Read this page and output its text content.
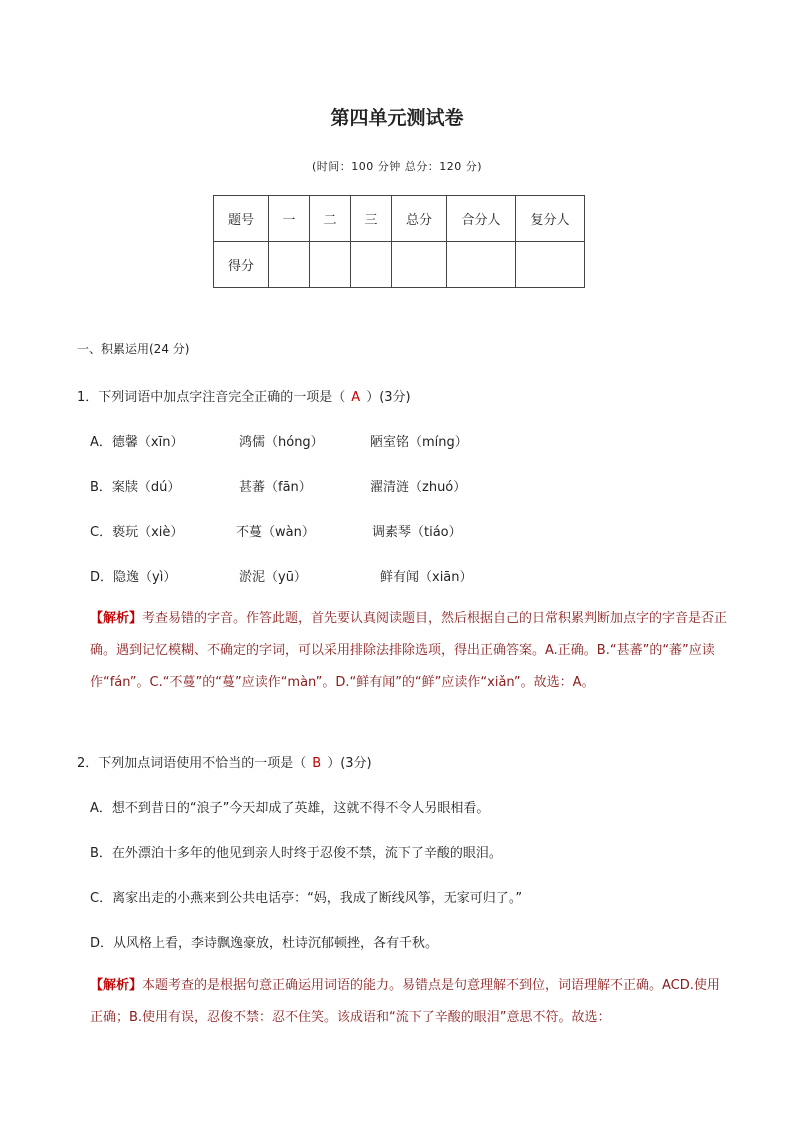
第四单元测试卷
(时间：100 分钟 总分：120 分)
题号	一	二	三	总分	合分人	复分人
得分						
一、积累运用(24 分)
1．下列词语中加点字注音完全正确的一项是（ A ）(3分)
A．德馨（xīn）	鸿儒（hóng）	陋室铭（míng）
B．案牍（dú）	甚蕃（fān）	濯清涟（zhuó）
C．亵玩（xiè）	不蔓（wàn）	调素琴（tiáo）
D．隐逸（yì）	淤泥（yū）	鲜有闻（xiān）
【解析】考查易错的字音。作答此题，首先要认真阅读题目，然后根据自己的日常积累判断加点字的字音是否正确。遇到记忆模糊、不确定的字词，可以采用排除法排除选项，得出正确答案。A.正确。B.“甚蕃”的“蕃”应读作“fán”。C.“不蔓”的“蔓”应读作“màn”。D.“鲜有闻”的“鲜”应读作“xiǎn”。故选：A。
2．下列加点词语使用不恰当的一项是（ B ）(3分)
A．想不到昔日的“浪子”今天却成了英雄，这就不得不令人另眼相看。
B．在外漂泊十多年的他见到亲人时终于忍俊不禁，流下了辛酸的眼泪。
C．离家出走的小燕来到公共电话亭：“妈，我成了断线风筝，无家可归了。”
D．从风格上看，李诗飘逸豪放，杜诗沉郁顿挫，各有千秋。
【解析】本题考查的是根据句意正确运用词语的能力。易错点是句意理解不到位，词语理解不正确。ACD.使用正确；B.使用有误，忍俊不禁：忍不住笑。该成语和“流下了辛酸的眼泪”意思不符。故选：
